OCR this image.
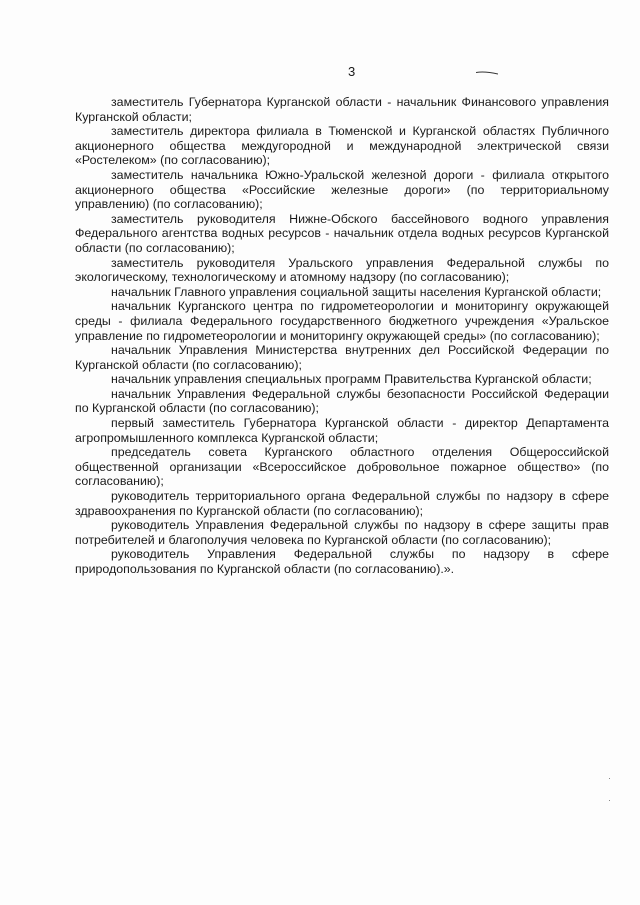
3

заместитель Губернатора Курганской области - начальник Финансового управления Курганской области;

заместитель директора филиала в Тюменской и Курганской областях Публичного акционерного общества междугородной и международной электрической связи «Ростелеком» (по согласованию);

заместитель начальника Южно-Уральской железной дороги - филиала открытого акционерного общества «Российские железные дороги» (по территориальному управлению) (по согласованию);

заместитель руководителя Нижне-Обского бассейнового водного управления Федерального агентства водных ресурсов - начальник отдела водных ресурсов Курганской области (по согласованию);

заместитель руководителя Уральского управления Федеральной службы по экологическому, технологическому и атомному надзору (по согласованию);

начальник Главного управления социальной защиты населения Курганской области;

начальник Курганского центра по гидрометеорологии и мониторингу окружающей среды - филиала Федерального государственного бюджетного учреждения «Уральское управление по гидрометеорологии и мониторингу окружающей среды» (по согласованию);

начальник Управления Министерства внутренних дел Российской Федерации по Курганской области (по согласованию);

начальник управления специальных программ Правительства Курганской области;

начальник Управления Федеральной службы безопасности Российской Федерации по Курганской области (по согласованию);

первый заместитель Губернатора Курганской области - директор Департамента агропромышленного комплекса Курганской области;

председатель совета Курганского областного отделения Общероссийской общественной организации «Всероссийское добровольное пожарное общество» (по согласованию);

руководитель территориального органа Федеральной службы по надзору в сфере здравоохранения по Курганской области (по согласованию);

руководитель Управления Федеральной службы по надзору в сфере защиты прав потребителей и благополучия человека по Курганской области (по согласованию);

руководитель Управления Федеральной службы по надзору в сфере природопользования по Курганской области (по согласованию).».
